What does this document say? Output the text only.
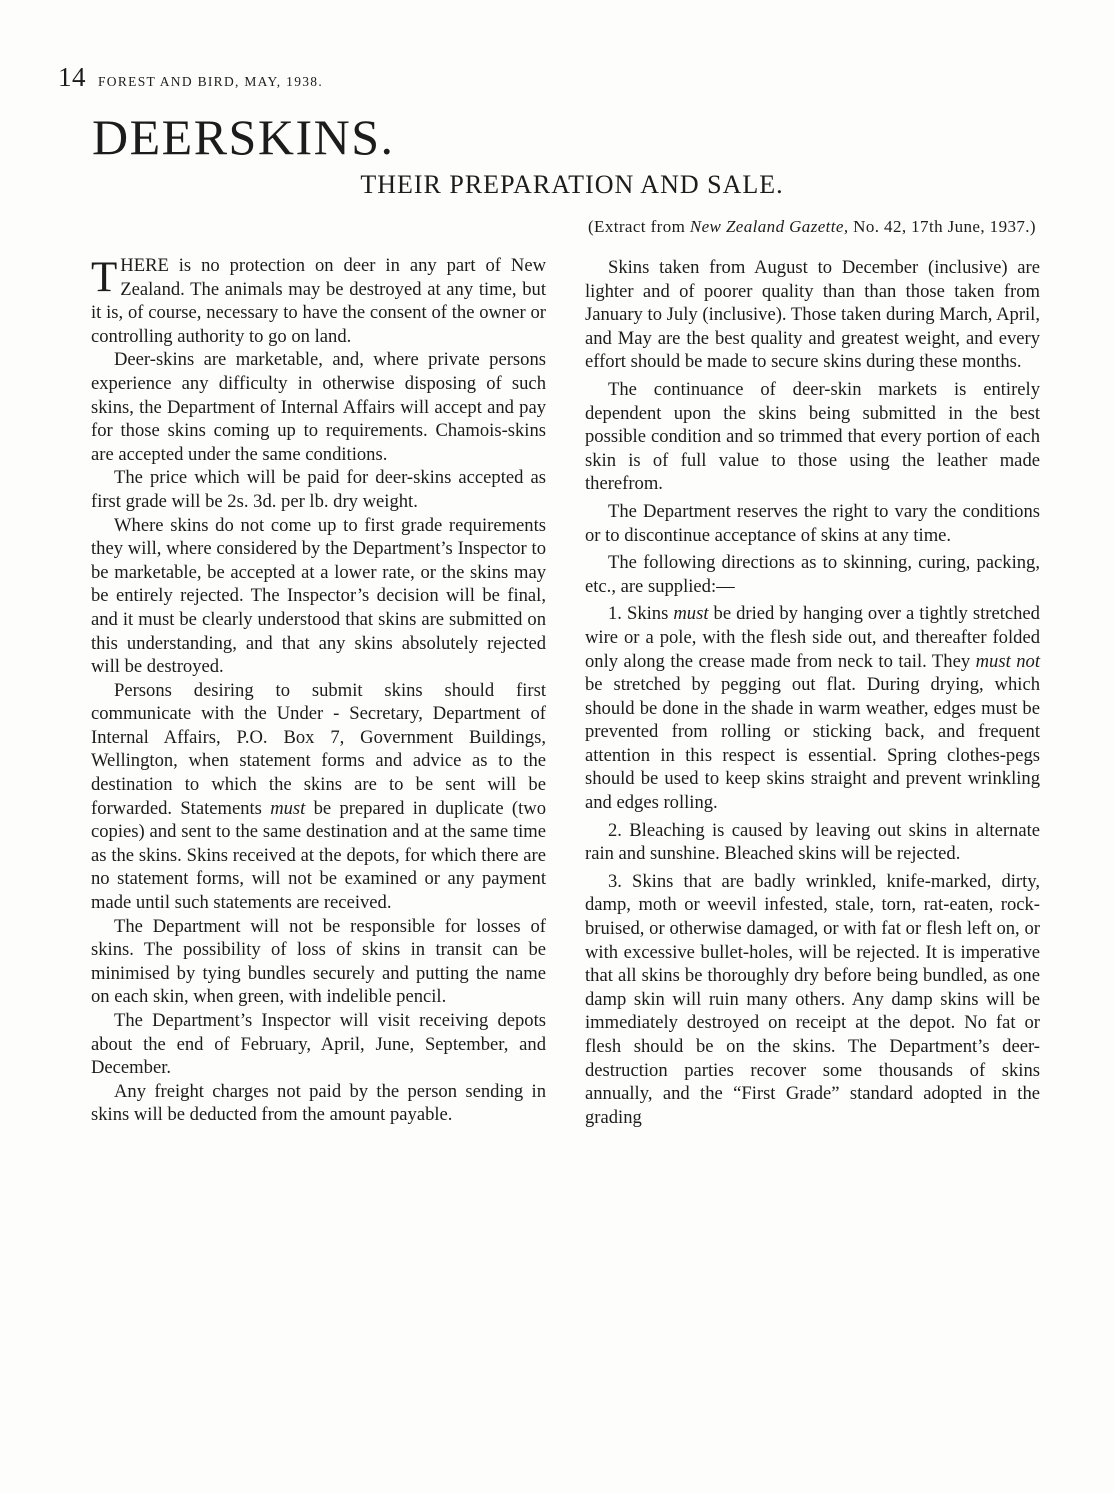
14 FOREST AND BIRD, MAY, 1938.
DEERSKINS.
THEIR PREPARATION AND SALE.
(Extract from New Zealand Gazette, No. 42, 17th June, 1937.)

THERE is no protection on deer in any part of New Zealand. The animals may be destroyed at any time, but it is, of course, necessary to have the consent of the owner or controlling authority to go on land.

Deer-skins are marketable, and, where private persons experience any difficulty in otherwise disposing of such skins, the Department of Internal Affairs will accept and pay for those skins coming up to requirements. Chamois-skins are accepted under the same conditions.

The price which will be paid for deer-skins accepted as first grade will be 2s. 3d. per lb. dry weight.

Where skins do not come up to first grade requirements they will, where considered by the Department’s Inspector to be marketable, be accepted at a lower rate, or the skins may be entirely rejected. The Inspector’s decision will be final, and it must be clearly understood that skins are submitted on this understanding, and that any skins absolutely rejected will be destroyed.

Persons desiring to submit skins should first communicate with the Under - Secretary, Department of Internal Affairs, P.O. Box 7, Government Buildings, Wellington, when statement forms and advice as to the destination to which the skins are to be sent will be forwarded. Statements must be prepared in duplicate (two copies) and sent to the same destination and at the same time as the skins. Skins received at the depots, for which there are no statement forms, will not be examined or any payment made until such statements are received.

The Department will not be responsible for losses of skins. The possibility of loss of skins in transit can be minimised by tying bundles securely and putting the name on each skin, when green, with indelible pencil.

The Department’s Inspector will visit receiving depots about the end of February, April, June, September, and December.

Any freight charges not paid by the person sending in skins will be deducted from the amount payable.

Skins taken from August to December (inclusive) are lighter and of poorer quality than than those taken from January to July (inclusive). Those taken during March, April, and May are the best quality and greatest weight, and every effort should be made to secure skins during these months.

The continuance of deer-skin markets is entirely dependent upon the skins being submitted in the best possible condition and so trimmed that every portion of each skin is of full value to those using the leather made therefrom.

The Department reserves the right to vary the conditions or to discontinue acceptance of skins at any time.

The following directions as to skinning, curing, packing, etc., are supplied:—

1. Skins must be dried by hanging over a tightly stretched wire or a pole, with the flesh side out, and thereafter folded only along the crease made from neck to tail. They must not be stretched by pegging out flat. During drying, which should be done in the shade in warm weather, edges must be prevented from rolling or sticking back, and frequent attention in this respect is essential. Spring clothes-pegs should be used to keep skins straight and prevent wrinkling and edges rolling.

2. Bleaching is caused by leaving out skins in alternate rain and sunshine. Bleached skins will be rejected.

3. Skins that are badly wrinkled, knife-marked, dirty, damp, moth or weevil infested, stale, torn, rat-eaten, rock-bruised, or otherwise damaged, or with fat or flesh left on, or with excessive bullet-holes, will be rejected. It is imperative that all skins be thoroughly dry before being bundled, as one damp skin will ruin many others. Any damp skins will be immediately destroyed on receipt at the depot. No fat or flesh should be on the skins. The Department’s deer-destruction parties recover some thousands of skins annually, and the “First Grade” standard adopted in the grading
